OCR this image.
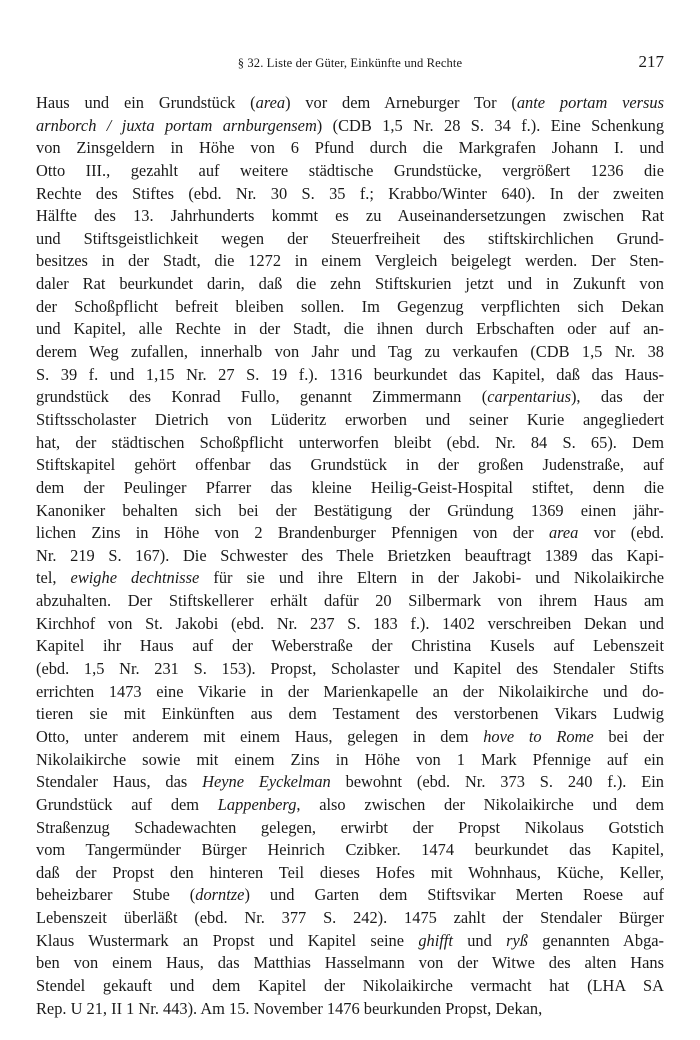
§ 32. Liste der Güter, Einkünfte und Rechte	217
Haus und ein Grundstück (area) vor dem Arneburger Tor (ante portam versus
arnborch / juxta portam arnburgensem) (CDB 1,5 Nr. 28 S. 34 f.). Eine Schenkung
von Zinsgeldern in Höhe von 6 Pfund durch die Markgrafen Johann I. und
Otto III., gezahlt auf weitere städtische Grundstücke, vergrößert 1236 die
Rechte des Stiftes (ebd. Nr. 30 S. 35 f.; Krabbo/Winter 640). In der zweiten
Hälfte des 13. Jahrhunderts kommt es zu Auseinandersetzungen zwischen Rat
und Stiftsgeistlichkeit wegen der Steuerfreiheit des stiftskirchlichen Grund-
besitzes in der Stadt, die 1272 in einem Vergleich beigelegt werden. Der Sten-
daler Rat beurkundet darin, daß die zehn Stiftskurien jetzt und in Zukunft von
der Schoßpflicht befreit bleiben sollen. Im Gegenzug verpflichten sich Dekan
und Kapitel, alle Rechte in der Stadt, die ihnen durch Erbschaften oder auf an-
derem Weg zufallen, innerhalb von Jahr und Tag zu verkaufen (CDB 1,5 Nr. 38
S. 39 f. und 1,15 Nr. 27 S. 19 f.). 1316 beurkundet das Kapitel, daß das Haus-
grundstück des Konrad Fullo, genannt Zimmermann (carpentarius), das der
Stiftsscholaster Dietrich von Lüderitz erworben und seiner Kurie angegliedert
hat, der städtischen Schoßpflicht unterworfen bleibt (ebd. Nr. 84 S. 65). Dem
Stiftskapitel gehört offenbar das Grundstück in der großen Judenstraße, auf
dem der Peulinger Pfarrer das kleine Heilig-Geist-Hospital stiftet, denn die
Kanoniker behalten sich bei der Bestätigung der Gründung 1369 einen jähr-
lichen Zins in Höhe von 2 Brandenburger Pfennigen von der area vor (ebd.
Nr. 219 S. 167). Die Schwester des Thele Brietzken beauftragt 1389 das Kapi-
tel, ewighe dechtnisse für sie und ihre Eltern in der Jakobi- und Nikolaikirche
abzuhalten. Der Stiftskellerer erhält dafür 20 Silbermark von ihrem Haus am
Kirchhof von St. Jakobi (ebd. Nr. 237 S. 183 f.). 1402 verschreiben Dekan und
Kapitel ihr Haus auf der Weberstraße der Christina Kusels auf Lebenszeit
(ebd. 1,5 Nr. 231 S. 153). Propst, Scholaster und Kapitel des Stendaler Stifts
errichten 1473 eine Vikarie in der Marienkapelle an der Nikolaikirche und do-
tieren sie mit Einkünften aus dem Testament des verstorbenen Vikars Ludwig
Otto, unter anderem mit einem Haus, gelegen in dem hove to Rome bei der
Nikolaikirche sowie mit einem Zins in Höhe von 1 Mark Pfennige auf ein
Stendaler Haus, das Heyne Eyckelman bewohnt (ebd. Nr. 373 S. 240 f.). Ein
Grundstück auf dem Lappenberg, also zwischen der Nikolaikirche und dem
Straßenzug Schadewachten gelegen, erwirbt der Propst Nikolaus Gotstich
vom Tangermünder Bürger Heinrich Czibker. 1474 beurkundet das Kapitel,
daß der Propst den hinteren Teil dieses Hofes mit Wohnhaus, Küche, Keller,
beheizbarer Stube (dorntze) und Garten dem Stiftsvikar Merten Roese auf
Lebenszeit überläßt (ebd. Nr. 377 S. 242). 1475 zahlt der Stendaler Bürger
Klaus Wustermark an Propst und Kapitel seine ghifft und ryß genannten Abga-
ben von einem Haus, das Matthias Hasselmann von der Witwe des alten Hans
Stendel gekauft und dem Kapitel der Nikolaikirche vermacht hat (LHA SA
Rep. U 21, II 1 Nr. 443). Am 15. November 1476 beurkunden Propst, Dekan,
